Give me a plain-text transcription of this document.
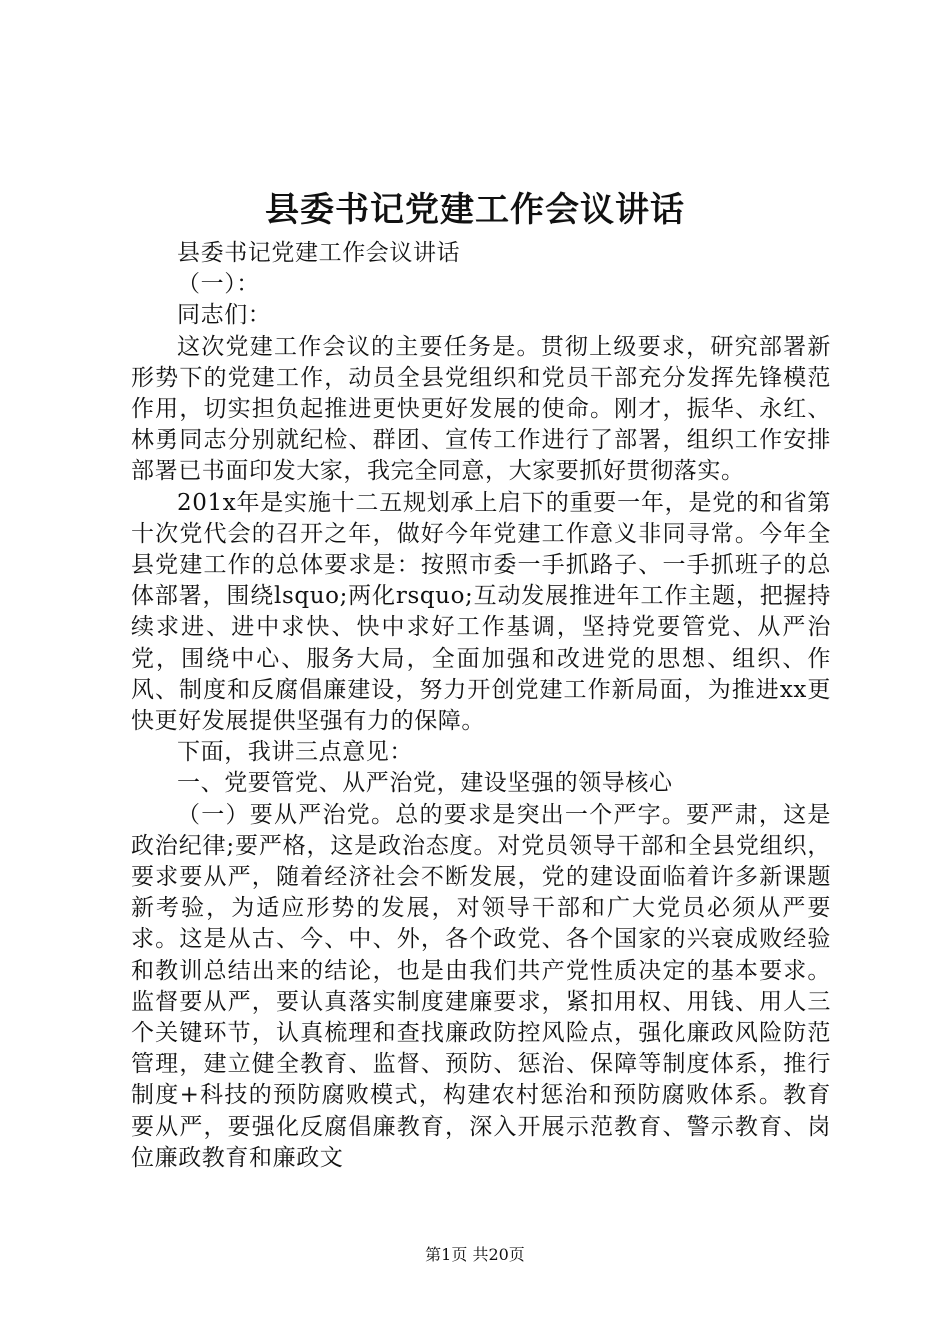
县委书记党建工作会议讲话

县委书记党建工作会议讲话

（一）：

同志们：

这次党建工作会议的主要任务是。贯彻上级要求，研究部署新形势下的党建工作，动员全县党组织和党员干部充分发挥先锋模范作用，切实担负起推进更快更好发展的使命。刚才，振华、永红、林勇同志分别就纪检、群团、宣传工作进行了部署，组织工作安排部署已书面印发大家，我完全同意，大家要抓好贯彻落实。

201x年是实施十二五规划承上启下的重要一年，是党的和省第十次党代会的召开之年，做好今年党建工作意义非同寻常。今年全县党建工作的总体要求是：按照市委一手抓路子、一手抓班子的总体部署，围绕lsquo;两化rsquo;互动发展推进年工作主题，把握持续求进、进中求快、快中求好工作基调，坚持党要管党、从严治党，围绕中心、服务大局，全面加强和改进党的思想、组织、作风、制度和反腐倡廉建设，努力开创党建工作新局面，为推进xx更快更好发展提供坚强有力的保障。

下面，我讲三点意见：

一、党要管党、从严治党，建设坚强的领导核心

（一）要从严治党。总的要求是突出一个严字。要严肃，这是政治纪律;要严格，这是政治态度。对党员领导干部和全县党组织，要求要从严，随着经济社会不断发展，党的建设面临着许多新课题新考验，为适应形势的发展，对领导干部和广大党员必须从严要求。这是从古、今、中、外，各个政党、各个国家的兴衰成败经验和教训总结出来的结论，也是由我们共产党性质决定的基本要求。监督要从严，要认真落实制度建廉要求，紧扣用权、用钱、用人三个关键环节，认真梳理和查找廉政防控风险点，强化廉政风险防范管理，建立健全教育、监督、预防、惩治、保障等制度体系，推行制度+科技的预防腐败模式，构建农村惩治和预防腐败体系。教育要从严，要强化反腐倡廉教育，深入开展示范教育、警示教育、岗位廉政教育和廉政文

第1页 共20页
